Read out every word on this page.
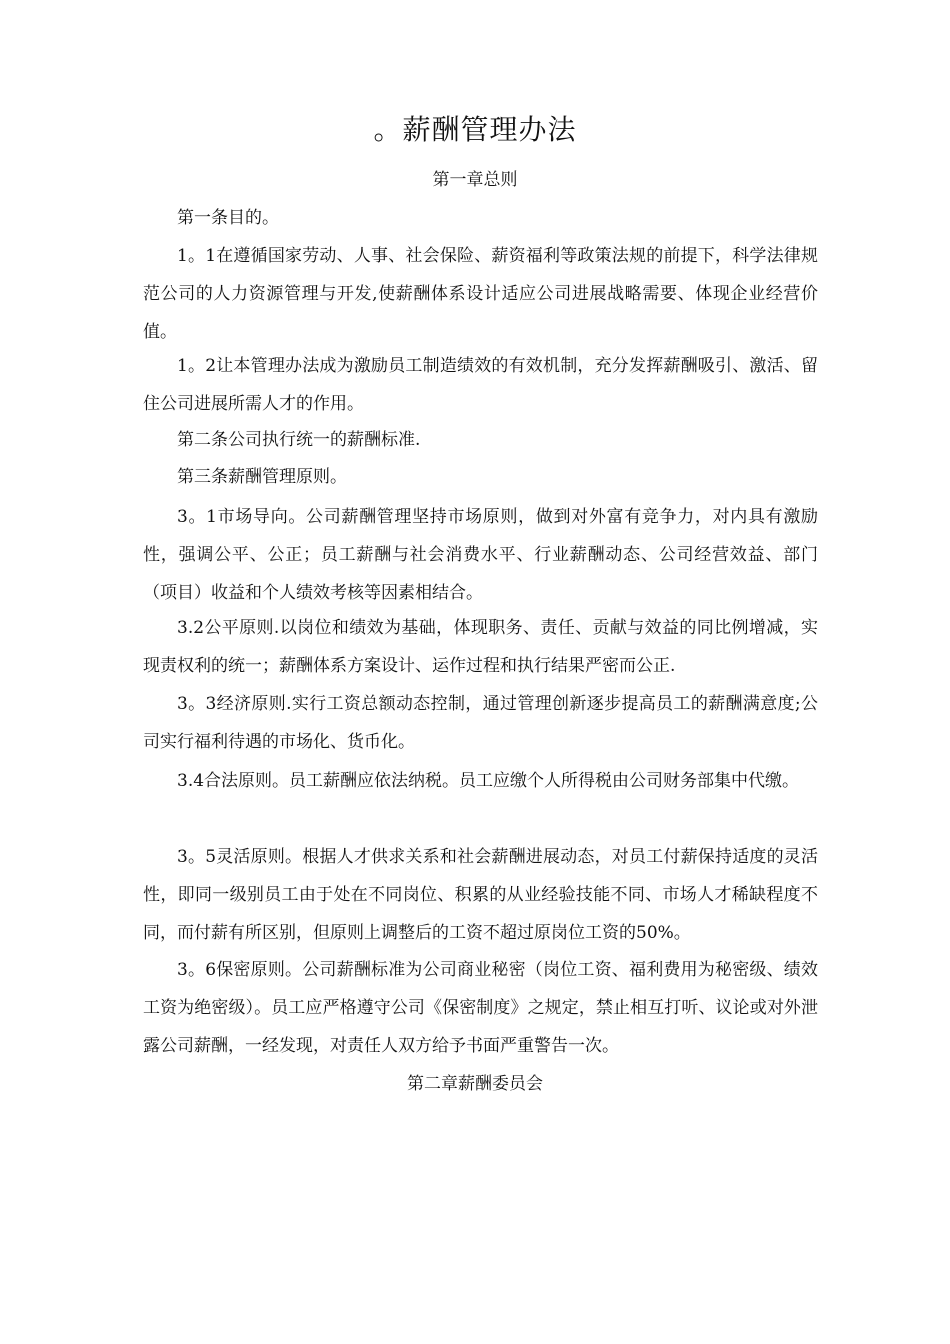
。薪酬管理办法
第一章总则

第一条目的。

1。1在遵循国家劳动、人事、社会保险、薪资福利等政策法规的前提下，科学法律规范公司的人力资源管理与开发,使薪酬体系设计适应公司进展战略需要、体现企业经营价值。

1。2让本管理办法成为激励员工制造绩效的有效机制，充分发挥薪酬吸引、激活、留住公司进展所需人才的作用。

第二条公司执行统一的薪酬标准.

第三条薪酬管理原则。

3。1市场导向。公司薪酬管理坚持市场原则，做到对外富有竞争力，对内具有激励性，强调公平、公正；员工薪酬与社会消费水平、行业薪酬动态、公司经营效益、部门（项目）收益和个人绩效考核等因素相结合。

3.2公平原则.以岗位和绩效为基础，体现职务、责任、贡献与效益的同比例增减，实现责权利的统一；薪酬体系方案设计、运作过程和执行结果严密而公正.

3。3经济原则.实行工资总额动态控制，通过管理创新逐步提高员工的薪酬满意度;公司实行福利待遇的市场化、货币化。

3.4合法原则。员工薪酬应依法纳税。员工应缴个人所得税由公司财务部集中代缴。

3。5灵活原则。根据人才供求关系和社会薪酬进展动态，对员工付薪保持适度的灵活性，即同一级别员工由于处在不同岗位、积累的从业经验技能不同、市场人才稀缺程度不同，而付薪有所区别，但原则上调整后的工资不超过原岗位工资的50%。

3。6保密原则。公司薪酬标准为公司商业秘密（岗位工资、福利费用为秘密级、绩效工资为绝密级）。员工应严格遵守公司《保密制度》之规定，禁止相互打听、议论或对外泄露公司薪酬，一经发现，对责任人双方给予书面严重警告一次。

第二章薪酬委员会
